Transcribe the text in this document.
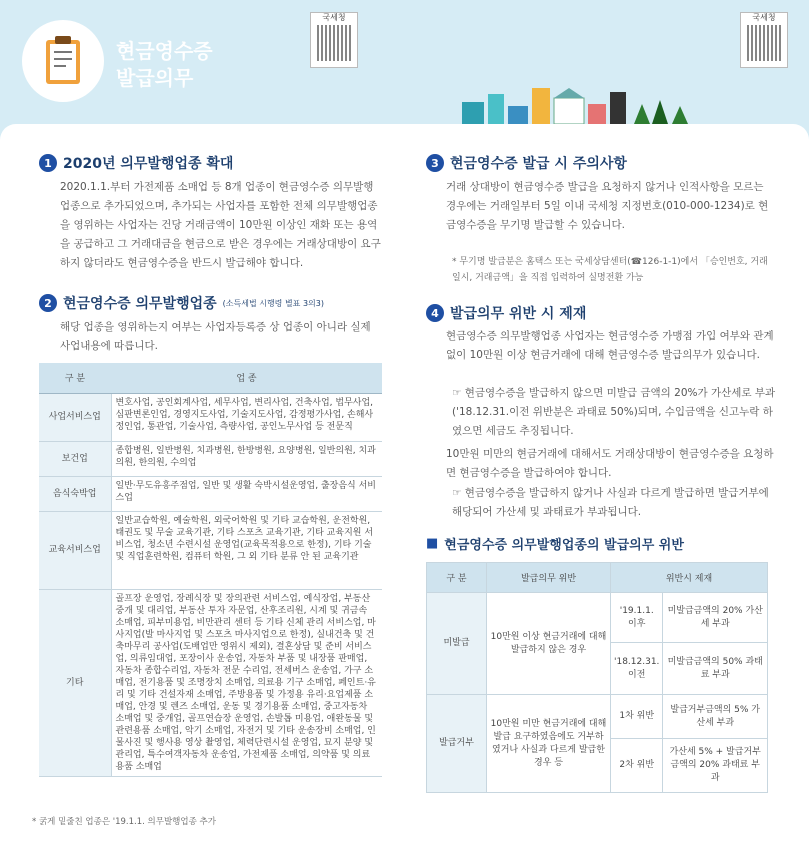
현금영수증
발급의무
국세청	국세청
1 2020년 의무발행업종 확대
2020.1.1.부터 가전제품 소매업 등 8개 업종이 현금영수증 의무발행업종으로 추가되었으며, 추가되는 사업자를 포함한 전체 의무발행업종을 영위하는 사업자는 건당 거래금액이 10만원 이상인 재화 또는 용역을 공급하고 그 거래대금을 현금으로 받은 경우에는 거래상대방이 요구하지 않더라도 현금영수증을 반드시 발급해야 합니다.
2 현금영수증 의무발행업종 (소득세법 시행령 별표 3의3)
해당 업종을 영위하는지 여부는 사업자등록증 상 업종이 아니라 실제 사업내용에 따릅니다.
구 분	업 종
사업서비스업	변호사업, 공인회계사업, 세무사업, 변리사업, 건축사업, 법무사업, 심판변론인업, 경영지도사업, 기술지도사업, 감정평가사업, 손해사정인업, 통관업, 기술사업, 측량사업, 공인노무사업 등 전문직
보건업	종합병원, 일반병원, 치과병원, 한방병원, 요양병원, 일반의원, 치과의원, 한의원, 수의업
음식숙박업	일반·무도유흥주점업, 일반 및 생활 숙박시설운영업, 출장음식 서비스업
교육서비스업	일반교습학원, 예술학원, 외국어학원 및 기타 교습학원, 운전학원, 태권도 및 무술 교육기관, 기타 스포츠 교육기관, 기타 교육지원 서비스업, 청소년 수련시설 운영업(교육목적용으로 한정), 기타 기술 및 직업훈련학원, 컴퓨터 학원, 그 외 기타 분류 안 된 교육기관
기타	골프장 운영업, 장례식장 및 장의관련 서비스업, 예식장업, 부동산 중개 및 대리업, 부동산 투자 자문업, 산후조리원, 시계 및 귀금속 소매업, 피부미용업, 비만관리 센터 등 기타 신체 관리 서비스업, 마사지업(발 마사지업 및 스포츠 마사지업으로 한정), 실내건축 및 건축마무리 공사업(도배업만 영위시 제외), 결혼상담 및 준비 서비스업, 의류임대업, 포장이사 운송업, 자동차 부품 및 내장품 판매업, 자동차 종합수리업, 자동차 전문 수리업, 전세버스 운송업, 가구 소매업, 전기용품 및 조명장치 소매업, 의료용 기구 소매업, 페인트·유리 및 기타 건설자재 소매업, 주방용품 및 가정용 유리·요업제품 소매업, 안경 및 렌즈 소매업, 운동 및 경기용품 소매업, 중고자동차 소매업 및 중개업, 골프연습장 운영업, 손발톱 미용업, 애완동물 및 관련용품 소매업, 악기 소매업, 자전거 및 기타 운송장비 소매업, 인물사진 및 행사용 영상 촬영업, 체력단련시설 운영업, 묘지 분양 및 관리업, 특수여객자동차 운송업, 가전제품 소매업, 의약품 및 의료용품 소매업
* 굵게 밑줄친 업종은 '19.1.1. 의무발행업종 추가
3 현금영수증 발급 시 주의사항
거래 상대방이 현금영수증 발급을 요청하지 않거나 인적사항을 모르는 경우에는 거래일부터 5일 이내 국세청 지정번호(010-000-1234)로 현금영수증을 무기명 발급할 수 있습니다.
* 무기명 발급분은 홈택스 또는 국세상담센터(☎126-1-1)에서 「승인번호, 거래일시, 거래금액」을 직접 입력하여 실명전환 가능
4 발급의무 위반 시 제재
현금영수증 의무발행업종 사업자는 현금영수증 가맹점 가입 여부와 관계없이 10만원 이상 현금거래에 대해 현금영수증 발급의무가 있습니다.
☞ 현금영수증을 발급하지 않으면 미발급 금액의 20%가 가산세로 부과('18.12.31.이전 위반분은 과태료 50%)되며, 수입금액을 신고누락 하였으면 세금도 추징됩니다.
10만원 미만의 현금거래에 대해서도 거래상대방이 현금영수증을 요청하면 현금영수증을 발급하여야 합니다.
☞ 현금영수증을 발급하지 않거나 사실과 다르게 발급하면 발급거부에 해당되어 가산세 및 과태료가 부과됩니다.
■ 현금영수증 의무발행업종의 발급의무 위반
구 분	발급의무 위반	위반시 제재	
미발급	10만원 이상 현금거래에 대해 발급하지 않은 경우	'19.1.1. 이후	미발급금액의 20% 가산세 부과
		'18.12.31. 이전	미발급금액의 50% 과태료 부과
발급거부	10만원 미만 현금거래에 대해 발급 요구하였음에도 거부하였거나 사실과 다르게 발급한 경우 등	1차 위반	발급거부금액의 5% 가산세 부과
		2차 위반	가산세 5% + 발급거부금액의 20% 과태료 부과
